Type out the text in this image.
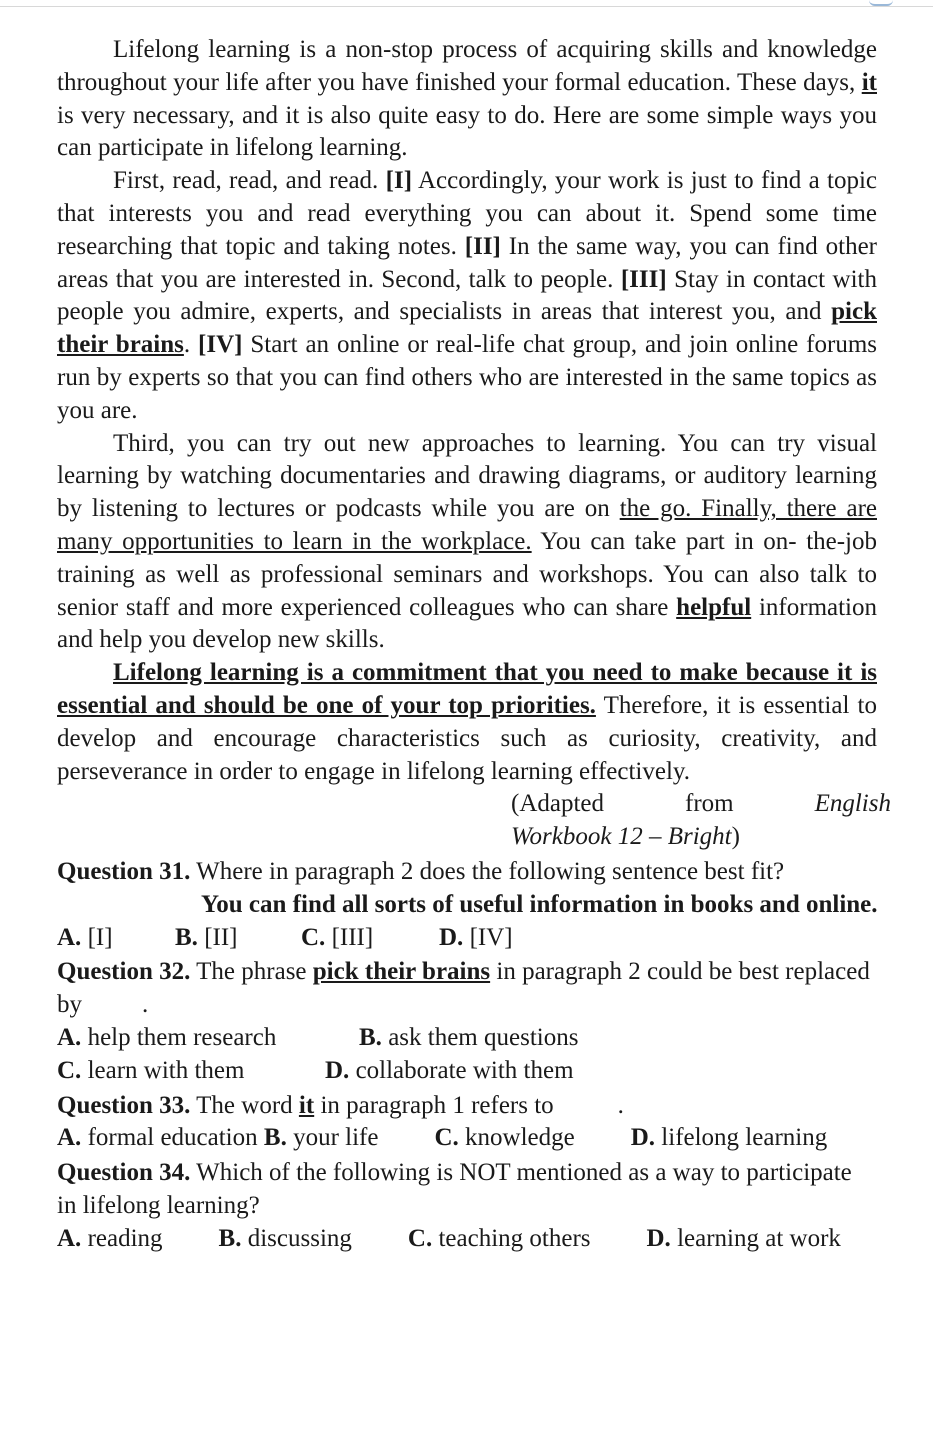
Lifelong learning is a non-stop process of acquiring skills and knowledge throughout your life after you have finished your formal education. These days, it is very necessary, and it is also quite easy to do. Here are some simple ways you can participate in lifelong learning.

First, read, read, and read. [I] Accordingly, your work is just to find a topic that interests you and read everything you can about it. Spend some time researching that topic and taking notes. [II] In the same way, you can find other areas that you are interested in. Second, talk to people. [III] Stay in contact with people you admire, experts, and specialists in areas that interest you, and pick their brains. [IV] Start an online or real-life chat group, and join online forums run by experts so that you can find others who are interested in the same topics as you are.

Third, you can try out new approaches to learning. You can try visual learning by watching documentaries and drawing diagrams, or auditory learning by listening to lectures or podcasts while you are on the go. Finally, there are many opportunities to learn in the workplace. You can take part in on- the-job training as well as professional seminars and workshops. You can also talk to senior staff and more experienced colleagues who can share helpful information and help you develop new skills.

Lifelong learning is a commitment that you need to make because it is essential and should be one of your top priorities. Therefore, it is essential to develop and encourage characteristics such as curiosity, creativity, and perseverance in order to engage in lifelong learning effectively.

(Adapted	from	English
Workbook 12 – Bright)

Question 31. Where in paragraph 2 does the following sentence best fit?

You can find all sorts of useful information in books and online.

A. [I] B. [II]	C. [III]	D. [IV]

Question 32. The phrase pick their brains in paragraph 2 could be best replaced by .

A. help them research	B. ask them questions
C. learn with them	D. collaborate with them

Question 33. The word it in paragraph 1 refers to	.

A. formal education B. your life C. knowledge D. lifelong learning

Question 34. Which of the following is NOT mentioned as a way to participate in lifelong learning?

A. reading B. discussing C. teaching others D. learning at work
